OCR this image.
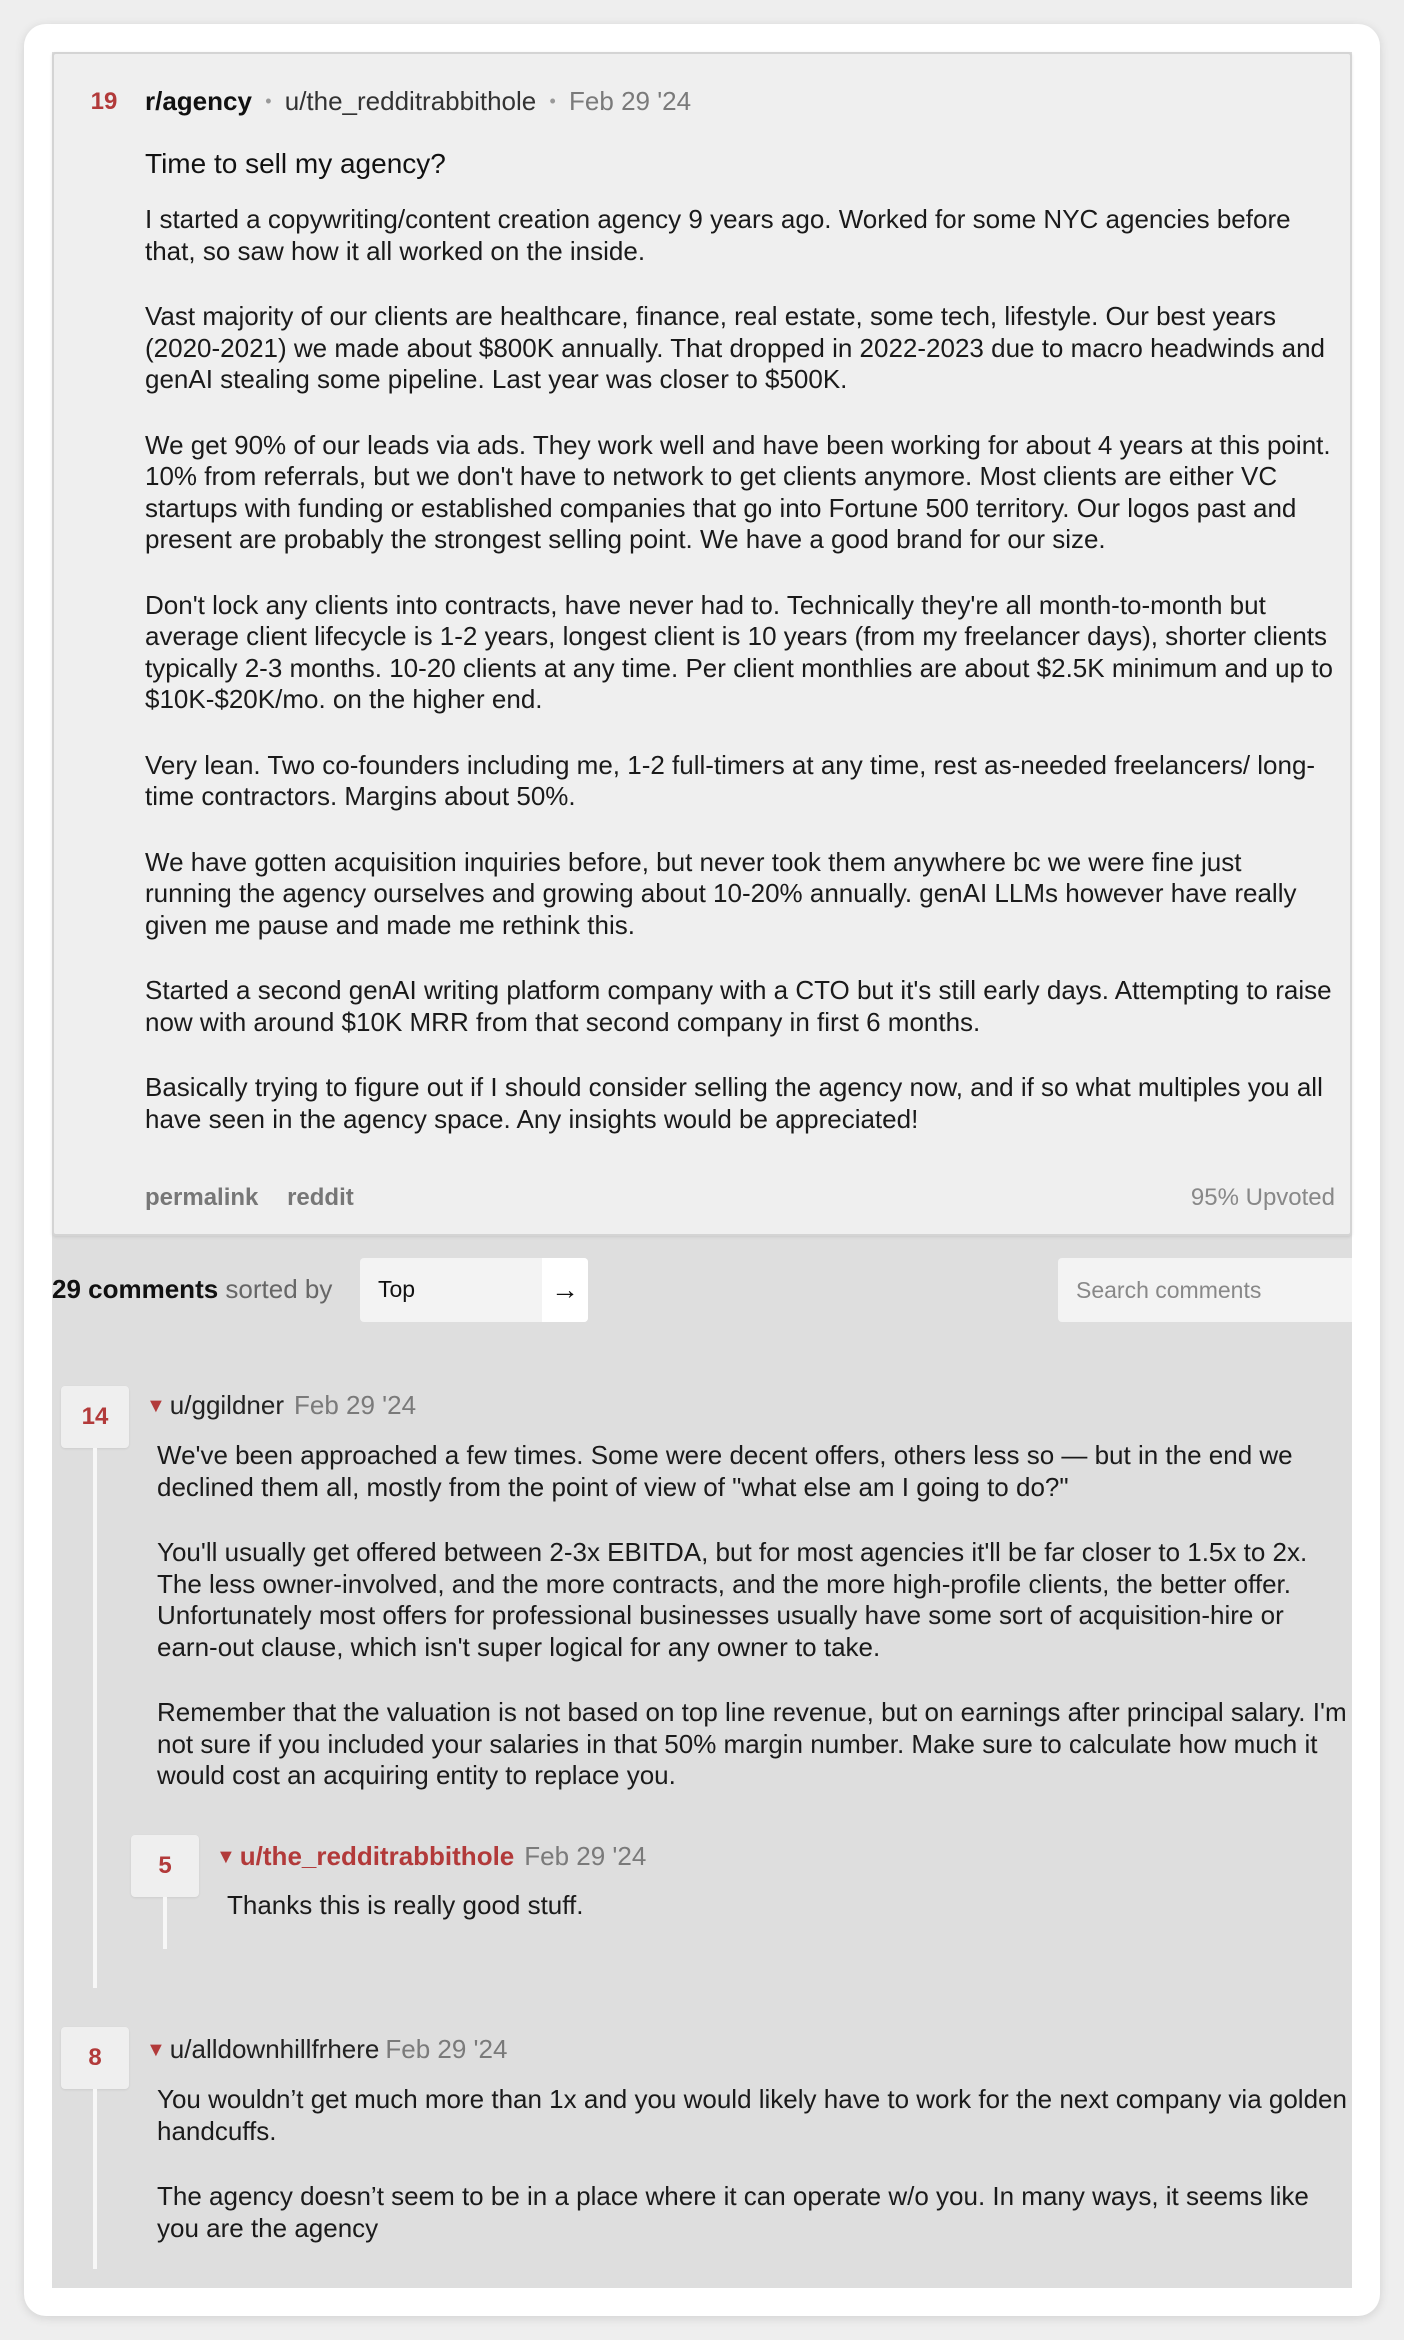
19 r/agency • u/the_redditrabbithole • Feb 29 '24
Time to sell my agency?

I started a copywriting/content creation agency 9 years ago. Worked for some NYC agencies before that, so saw how it all worked on the inside.

Vast majority of our clients are healthcare, finance, real estate, some tech, lifestyle. Our best years (2020-2021) we made about $800K annually. That dropped in 2022-2023 due to macro headwinds and genAI stealing some pipeline. Last year was closer to $500K.

We get 90% of our leads via ads. They work well and have been working for about 4 years at this point. 10% from referrals, but we don't have to network to get clients anymore. Most clients are either VC startups with funding or established companies that go into Fortune 500 territory. Our logos past and present are probably the strongest selling point. We have a good brand for our size.

Don't lock any clients into contracts, have never had to. Technically they're all month-to-month but average client lifecycle is 1-2 years, longest client is 10 years (from my freelancer days), shorter clients typically 2-3 months. 10-20 clients at any time. Per client monthlies are about $2.5K minimum and up to $10K-$20K/mo. on the higher end.

Very lean. Two co-founders including me, 1-2 full-timers at any time, rest as-needed freelancers/ long-time contractors. Margins about 50%.

We have gotten acquisition inquiries before, but never took them anywhere bc we were fine just running the agency ourselves and growing about 10-20% annually. genAI LLMs however have really given me pause and made me rethink this.

Started a second genAI writing platform company with a CTO but it's still early days. Attempting to raise now with around $10K MRR from that second company in first 6 months.

Basically trying to figure out if I should consider selling the agency now, and if so what multiples you all have seen in the agency space. Any insights would be appreciated!

permalink reddit	95% Upvoted
29 comments sorted by Top	→
Search comments
14	▼ u/ggildner Feb 29 '24

We've been approached a few times. Some were decent offers, others less so — but in the end we declined them all, mostly from the point of view of "what else am I going to do?"

You'll usually get offered between 2-3x EBITDA, but for most agencies it'll be far closer to 1.5x to 2x. The less owner-involved, and the more contracts, and the more high-profile clients, the better offer. Unfortunately most offers for professional businesses usually have some sort of acquisition-hire or earn-out clause, which isn't super logical for any owner to take.

Remember that the valuation is not based on top line revenue, but on earnings after principal salary. I'm not sure if you included your salaries in that 50% margin number. Make sure to calculate how much it would cost an acquiring entity to replace you.

5	▼ u/the_redditrabbithole Feb 29 '24

Thanks this is really good stuff.

8	▼ u/alldownhillfrhere Feb 29 '24

You wouldn’t get much more than 1x and you would likely have to work for the next company via golden handcuffs.

The agency doesn’t seem to be in a place where it can operate w/o you. In many ways, it seems like you are the agency
